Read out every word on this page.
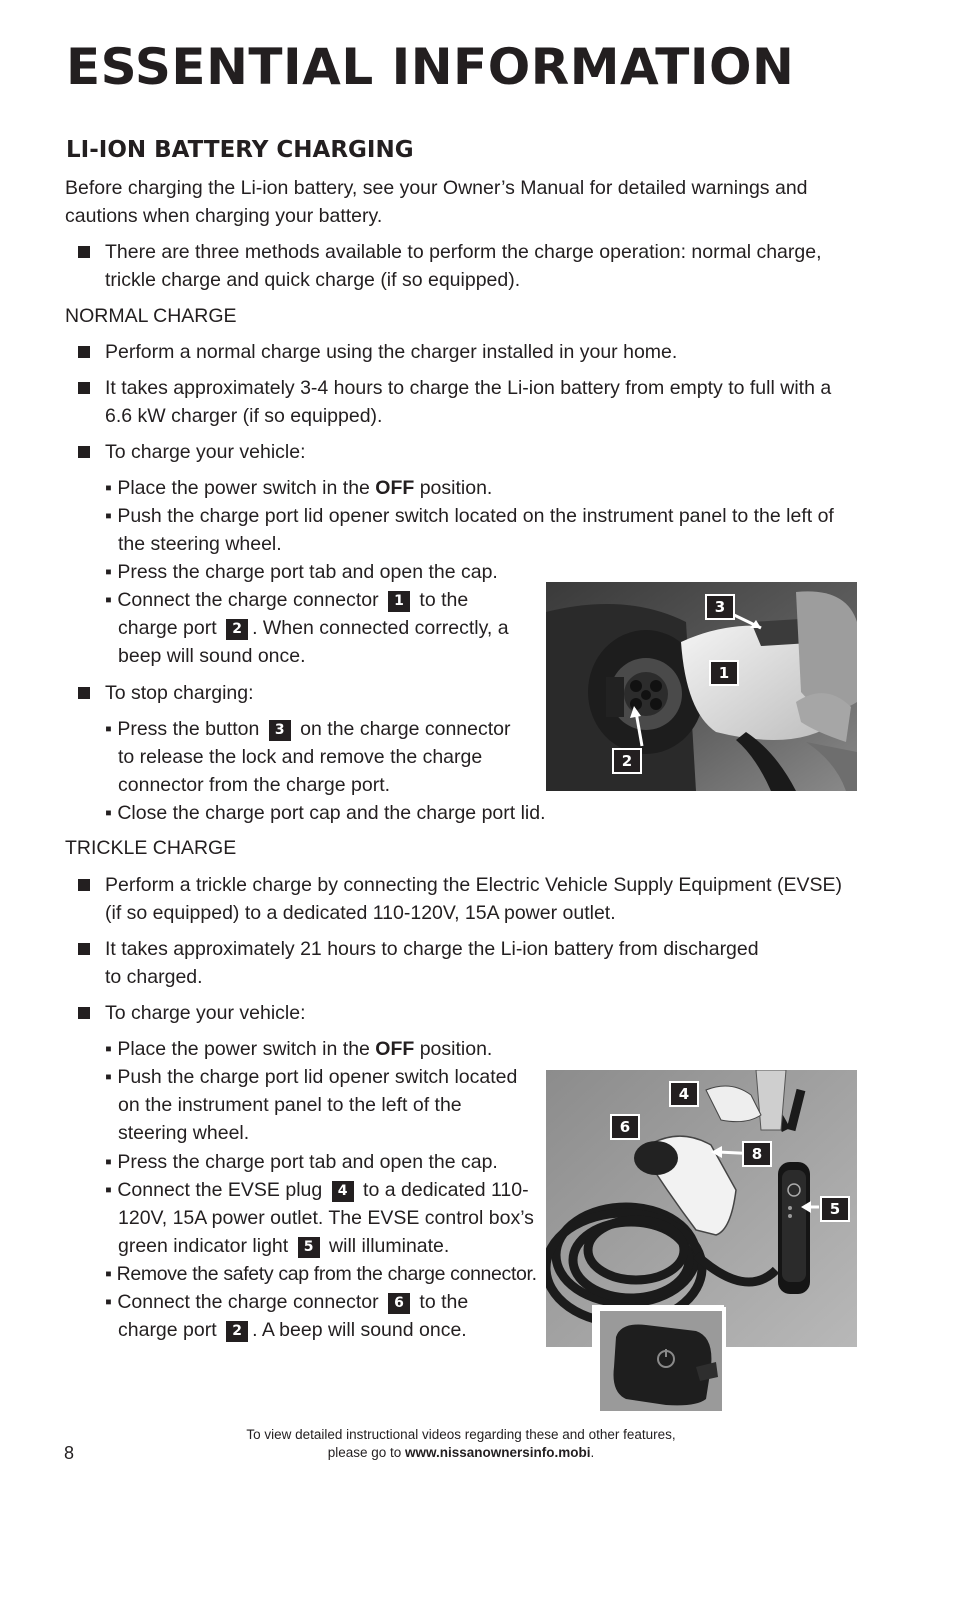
ESSENTIAL INFORMATION
LI-ION BATTERY CHARGING
Before charging the Li-ion battery, see your Owner’s Manual for detailed warnings and
cautions when charging your battery.
There are three methods available to perform the charge operation: normal charge,
trickle charge and quick charge (if so equipped).
NORMAL CHARGE
Perform a normal charge using the charger installed in your home.
It takes approximately 3-4 hours to charge the Li-ion battery from empty to full with a
6.6 kW charger (if so equipped).
To charge your vehicle:
▪ Place the power switch in the OFF position.
▪ Push the charge port lid opener switch located on the instrument panel to the left of
the steering wheel.
▪ Press the charge port tab and open the cap.
▪ Connect the charge connector 1 to the
charge port 2 . When connected correctly, a
beep will sound once.
To stop charging:
▪ Press the button 3 on the charge connector
to release the lock and remove the charge
connector from the charge port.
▪ Close the charge port cap and the charge port lid.
3
1
2
TRICKLE CHARGE
Perform a trickle charge by connecting the Electric Vehicle Supply Equipment (EVSE)
(if so equipped) to a dedicated 110-120V, 15A power outlet.
It takes approximately 21 hours to charge the Li-ion battery from discharged
to charged.
To charge your vehicle:
▪ Place the power switch in the OFF position.
▪ Push the charge port lid opener switch located
on the instrument panel to the left of the
steering wheel.
▪ Press the charge port tab and open the cap.
▪ Connect the EVSE plug 4 to a dedicated 110-
120V, 15A power outlet. The EVSE control box’s
green indicator light 5 will illuminate.
▪ Remove the safety cap from the charge connector.
▪ Connect the charge connector 6 to the
charge port 2 . A beep will sound once.
4
6
8
5
To view detailed instructional videos regarding these and other features,
please go to www.nissanownersinfo.mobi.
8
